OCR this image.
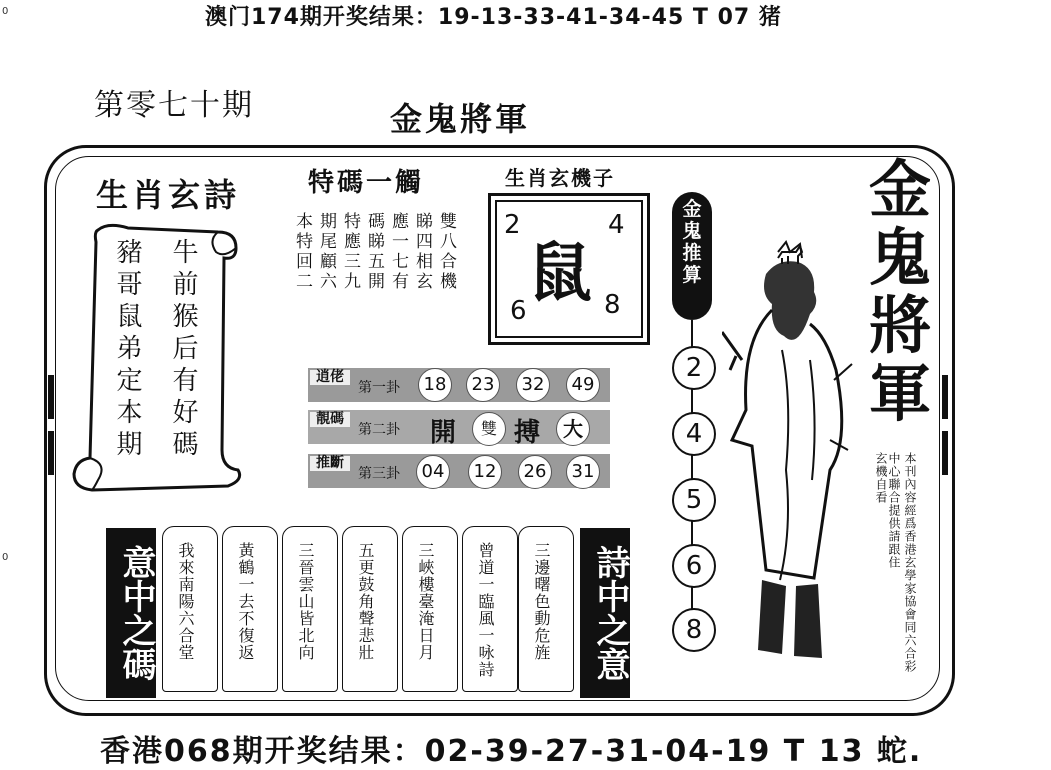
澳门174期开奖结果：19-13-33-41-34-45 T 07 猪
香港068期开奖结果：02-39-27-31-04-19 T 13 蛇.
0
0
第零七十期	金鬼將軍
生肖玄詩
豬哥鼠弟定本期 牛前猴后有好碼
特碼一觸
雙八合機
睇四相玄
應一七有
碼睇五開
特應三九
期尾顧六
本特回二
生肖玄機子
2	4
6	8
鼠
逍佬
第一卦	18	23	32	49
靚碼
第二卦 開	雙 搏	大
推斷
第三卦	04	12	26	31
金鬼推算
2
4
5
6
8
金鬼將軍
本刊內容經爲香港玄學家協會同六合彩
中心聯合提供請跟住玄機自看
意中之碼	詩中之意
我來南陽六合堂	黃鶴一去不復返	三晉雲山皆北向	五更鼓角聲悲壯	三峽樓臺淹日月	曾道一臨風一咏詩 三邊曙色動危旌
